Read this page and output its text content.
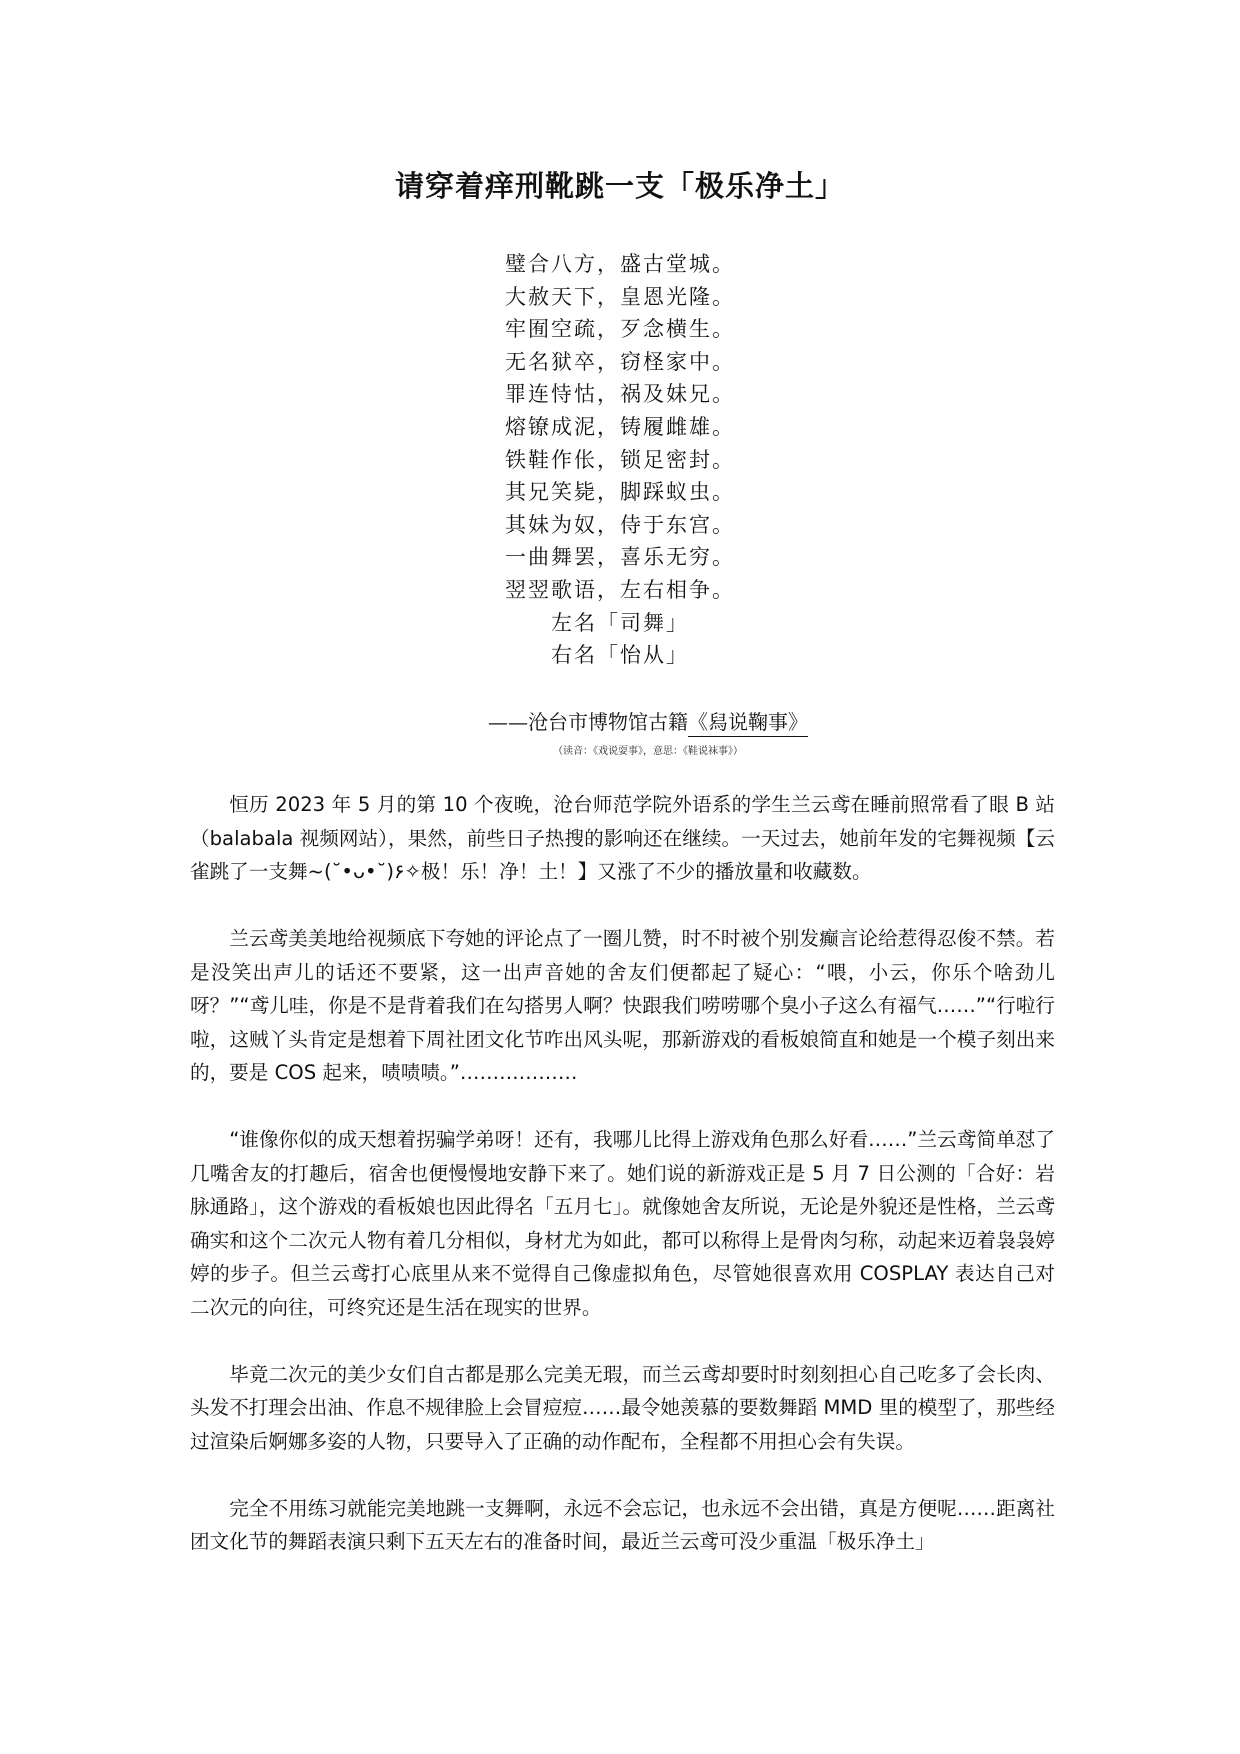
请穿着痒刑靴跳一支「极乐净土」
璧合八方，盛古堂城。
大赦天下，皇恩光隆。
牢囿空疏，歹念横生。
无名狱卒，窃柽家中。
罪连恃怙，祸及妹兄。
熔镣成泥，铸履雌雄。
铁鞋作伥，锁足密封。
其兄笑毙，脚踩蚁虫。
其妹为奴，侍于东宫。
一曲舞罢，喜乐无穷。
翌翌歌语，左右相争。
左名「司舞」
右名「怡从」
——沧台市博物馆古籍《舄说鞠事》
（读音：《戏说耍事》，意思：《鞋说袜事》）

恒历 2023 年 5 月的第 10 个夜晚，沧台师范学院外语系的学生兰云鸢在睡前照常看了眼 B 站（balabala 视频网站），果然，前些日子热搜的影响还在继续。一天过去，她前年发的宅舞视频【云雀跳了一支舞~(˘•ᴗ•˘)۶✧极！乐！净！土！】又涨了不少的播放量和收藏数。

兰云鸢美美地给视频底下夸她的评论点了一圈儿赞，时不时被个别发癫言论给惹得忍俊不禁。若是没笑出声儿的话还不要紧，这一出声音她的舍友们便都起了疑心：“喂，小云，你乐个啥劲儿呀？”“鸢儿哇，你是不是背着我们在勾搭男人啊？快跟我们唠唠哪个臭小子这么有福气……”“行啦行啦，这贼丫头肯定是想着下周社团文化节咋出风头呢，那新游戏的看板娘简直和她是一个模子刻出来的，要是 COS 起来，啧啧啧。”………………

“谁像你似的成天想着拐骗学弟呀！还有，我哪儿比得上游戏角色那么好看……”兰云鸢简单怼了几嘴舍友的打趣后，宿舍也便慢慢地安静下来了。她们说的新游戏正是 5 月 7 日公测的「合好：岩脉通路」，这个游戏的看板娘也因此得名「五月七」。就像她舍友所说，无论是外貌还是性格，兰云鸢确实和这个二次元人物有着几分相似，身材尤为如此，都可以称得上是骨肉匀称，动起来迈着袅袅婷婷的步子。但兰云鸢打心底里从来不觉得自己像虚拟角色，尽管她很喜欢用 COSPLAY 表达自己对二次元的向往，可终究还是生活在现实的世界。

毕竟二次元的美少女们自古都是那么完美无瑕，而兰云鸢却要时时刻刻担心自己吃多了会长肉、头发不打理会出油、作息不规律脸上会冒痘痘……最令她羡慕的要数舞蹈 MMD 里的模型了，那些经过渲染后婀娜多姿的人物，只要导入了正确的动作配布，全程都不用担心会有失误。

完全不用练习就能完美地跳一支舞啊，永远不会忘记，也永远不会出错，真是方便呢……距离社团文化节的舞蹈表演只剩下五天左右的准备时间，最近兰云鸢可没少重温「极乐净土」
